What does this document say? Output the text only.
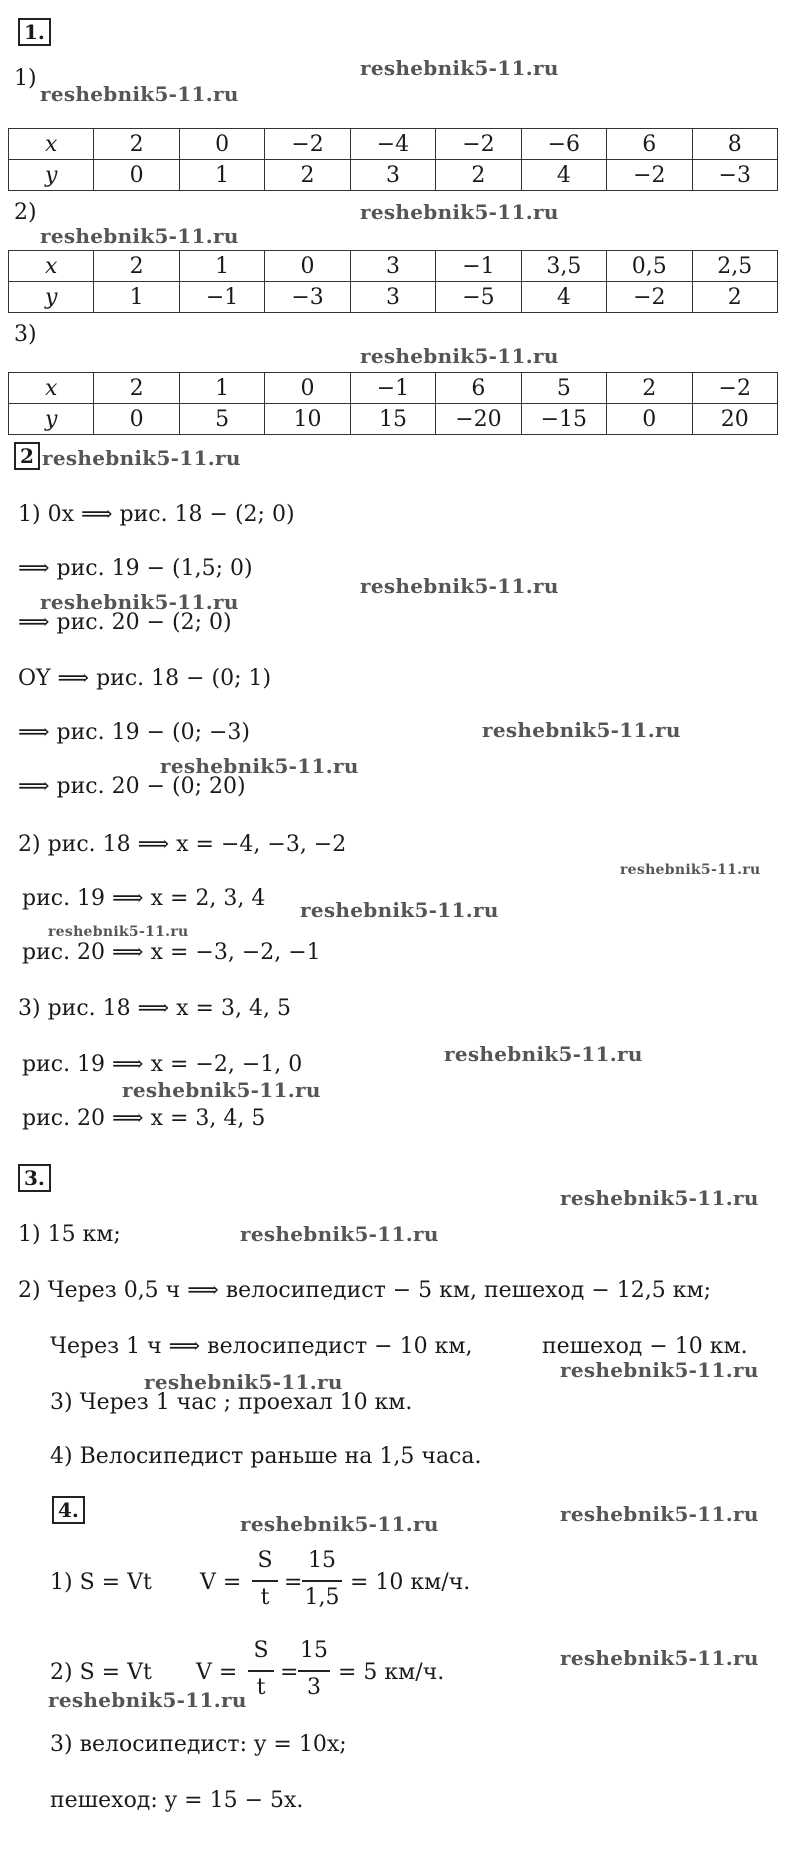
1.
1)
x	2	0	−2	−4	−2	−6	6	8
y	0	1	2	3	2	4	−2	−3
2)
x	2	1	0	3	−1	3,5	0,5	2,5
y	1	−1	−3	3	−5	4	−2	2
3)
x	2	1	0	−1	6	5	2	−2
y	0	5	10	15	−20	−15	0	20
2
1) 0x ⟹ рис. 18 − (2; 0)
⟹ рис. 19 − (1,5; 0)
⟹ рис. 20 − (2; 0)
OY ⟹ рис. 18 − (0; 1)
⟹ рис. 19 − (0; −3)
⟹ рис. 20 − (0; 20)
2) рис. 18 ⟹ x = −4, −3, −2
рис. 19 ⟹ x = 2, 3, 4
рис. 20 ⟹ x = −3, −2, −1
3) рис. 18 ⟹ x = 3, 4, 5
рис. 19 ⟹ x = −2, −1, 0
рис. 20 ⟹ x = 3, 4, 5
3.
1) 15 км;
2) Через 0,5 ч ⟹ велосипедист − 5 км, пешеход − 12,5 км;
Через 1 ч ⟹ велосипедист − 10 км,	пешеход − 10 км.
3) Через 1 час ; проехал 10 км.
4) Велосипедист раньше на 1,5 часа.
4.
1) S = Vt V =
S
t
=
15
1,5
= 10 км/ч.
2) S = Vt V =
S
t
=
15
3
= 5 км/ч.
3) велосипедист: y = 10x;
пешеход: y = 15 − 5x.
reshebnik5-11.ru
reshebnik5-11.ru
reshebnik5-11.ru
reshebnik5-11.ru
reshebnik5-11.ru
reshebnik5-11.ru
reshebnik5-11.ru
reshebnik5-11.ru
reshebnik5-11.ru
reshebnik5-11.ru
reshebnik5-11.ru
reshebnik5-11.ru
reshebnik5-11.ru
reshebnik5-11.ru
reshebnik5-11.ru
reshebnik5-11.ru
reshebnik5-11.ru
reshebnik5-11.ru	reshebnik5-11.ru
reshebnik5-11.ru
reshebnik5-11.ru
reshebnik5-11.ru
reshebnik5-11.ru
